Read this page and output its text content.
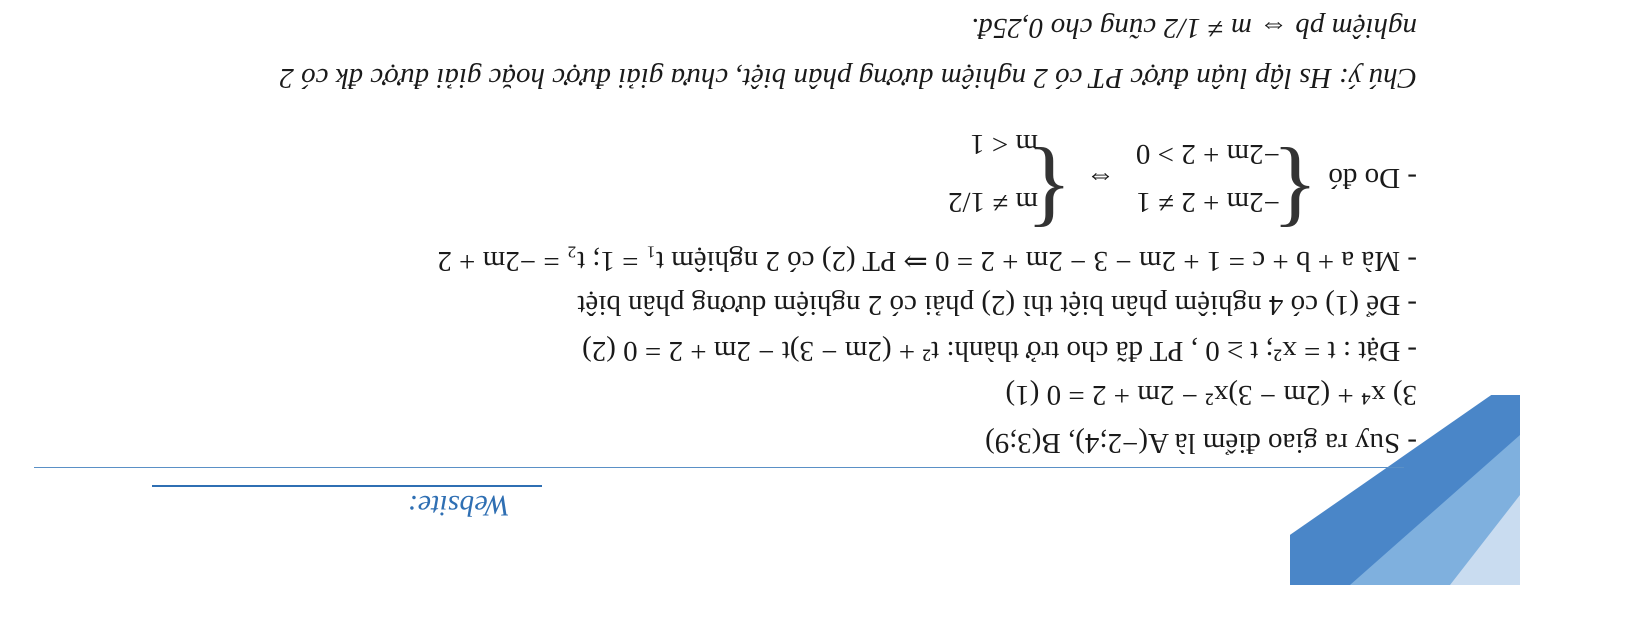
Website:
- Suy ra giao điểm là A(−2;4), B(3;9)
3) x⁴ + (2m − 3)x² − 2m + 2 = 0 (1)
- Đặt : t = x²; t ≥ 0 , PT đã cho trở thành: t² + (2m − 3)t − 2m + 2 = 0 (2)
- Để (1) có 4 nghiệm phân biệt thì (2) phải có 2 nghiệm dương phân biệt
- Mà a + b + c = 1 + 2m − 3 − 2m + 2 = 0 ⇒ PT (2) có 2 nghiệm t₁ = 1; t₂ = −2m + 2
- Do đó
{
−2m + 2 ≠ 1
−2m + 2 > 0
⇔
{
m ≠ 1/2
m < 1
Chú ý: Hs lập luận được PT có 2 nghiệm dương phân biệt, chưa giải được hoặc giải được đk có 2
nghiệm pb ⇔ m ≠ 1/2 cũng cho 0,25đ.
